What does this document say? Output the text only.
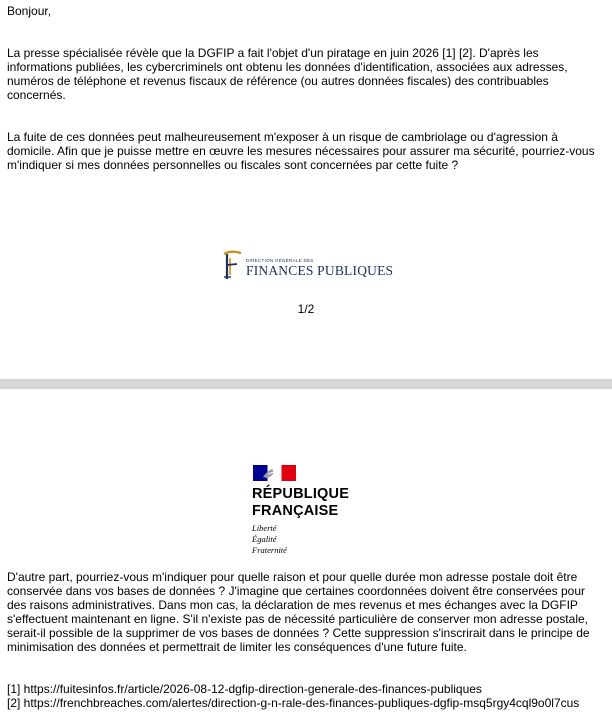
Bonjour,

La presse spécialisée révèle que la DGFIP a fait l'objet d'un piratage en juin 2026 [1] [2]. D'après les informations publiées, les cybercriminels ont obtenu les données d'identification, associées aux adresses, numéros de téléphone et revenus fiscaux de référence (ou autres données fiscales) des contribuables concernés.

La fuite de ces données peut malheureusement m'exposer à un risque de cambriolage ou d'agression à domicile. Afin que je puisse mettre en œuvre les mesures nécessaires pour assurer ma sécurité, pourriez-vous m'indiquer si mes données personnelles ou fiscales sont concernées par cette fuite ?

DIRECTION GÉNÉRALE DES
FINANCES PUBLIQUES
1/2
RÉPUBLIQUE
FRANÇAISE
Liberté
Égalité
Fraternité

D'autre part, pourriez-vous m'indiquer pour quelle raison et pour quelle durée mon adresse postale doit être conservée dans vos bases de données ? J'imagine que certaines coordonnées doivent être conservées pour des raisons administratives. Dans mon cas, la déclaration de mes revenus et mes échanges avec la DGFIP s'effectuent maintenant en ligne. S'il n'existe pas de nécessité particulière de conserver mon adresse postale, serait-il possible de la supprimer de vos bases de données ? Cette suppression s'inscrirait dans le principe de minimisation des données et permettrait de limiter les conséquences d'une future fuite.

[1] https://fuitesinfos.fr/article/2026-08-12-dgfip-direction-generale-des-finances-publiques
[2] https://frenchbreaches.com/alertes/direction-g-n-rale-des-finances-publiques-dgfip-msq5rgy4cql9o0l7cus
